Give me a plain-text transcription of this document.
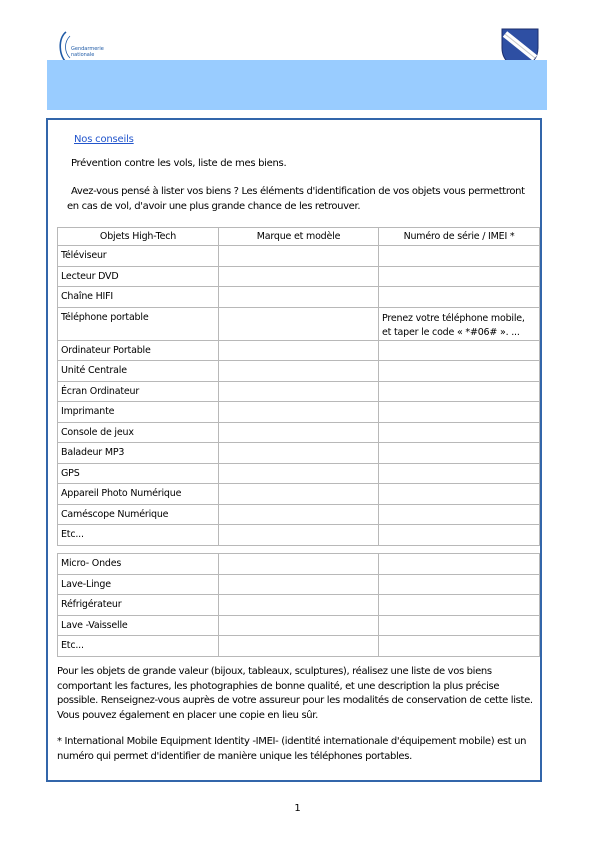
Gendarmerie
nationale
Nos conseils
Prévention contre les vols, liste de mes biens.
Avez-vous pensé à lister vos biens ? Les éléments d'identification de vos objets vous permettront en cas de vol, d'avoir une plus grande chance de les retrouver.
Objets High-Tech	Marque et modèle	Numéro de série / IMEI *
Téléviseur		
Lecteur DVD		
Chaîne HIFI		
Téléphone portable		Prenez votre téléphone mobile, et taper le code « *#06# ». ...
Ordinateur Portable		
Unité Centrale		
Écran Ordinateur		
Imprimante		
Console de jeux		
Baladeur MP3		
GPS		
Appareil Photo Numérique		
Caméscope Numérique		
Etc...		
Micro- Ondes		
Lave-Linge		
Réfrigérateur		
Lave -Vaisselle		
Etc...		
Pour les objets de grande valeur (bijoux, tableaux, sculptures), réalisez une liste de vos biens comportant les factures, les photographies de bonne qualité, et une description la plus précise possible. Renseignez-vous auprès de votre assureur pour les modalités de conservation de cette liste. Vous pouvez également en placer une copie en lieu sûr.
* International Mobile Equipment Identity -IMEI- (identité internationale d'équipement mobile) est un numéro qui permet d'identifier de manière unique les téléphones portables.
1
